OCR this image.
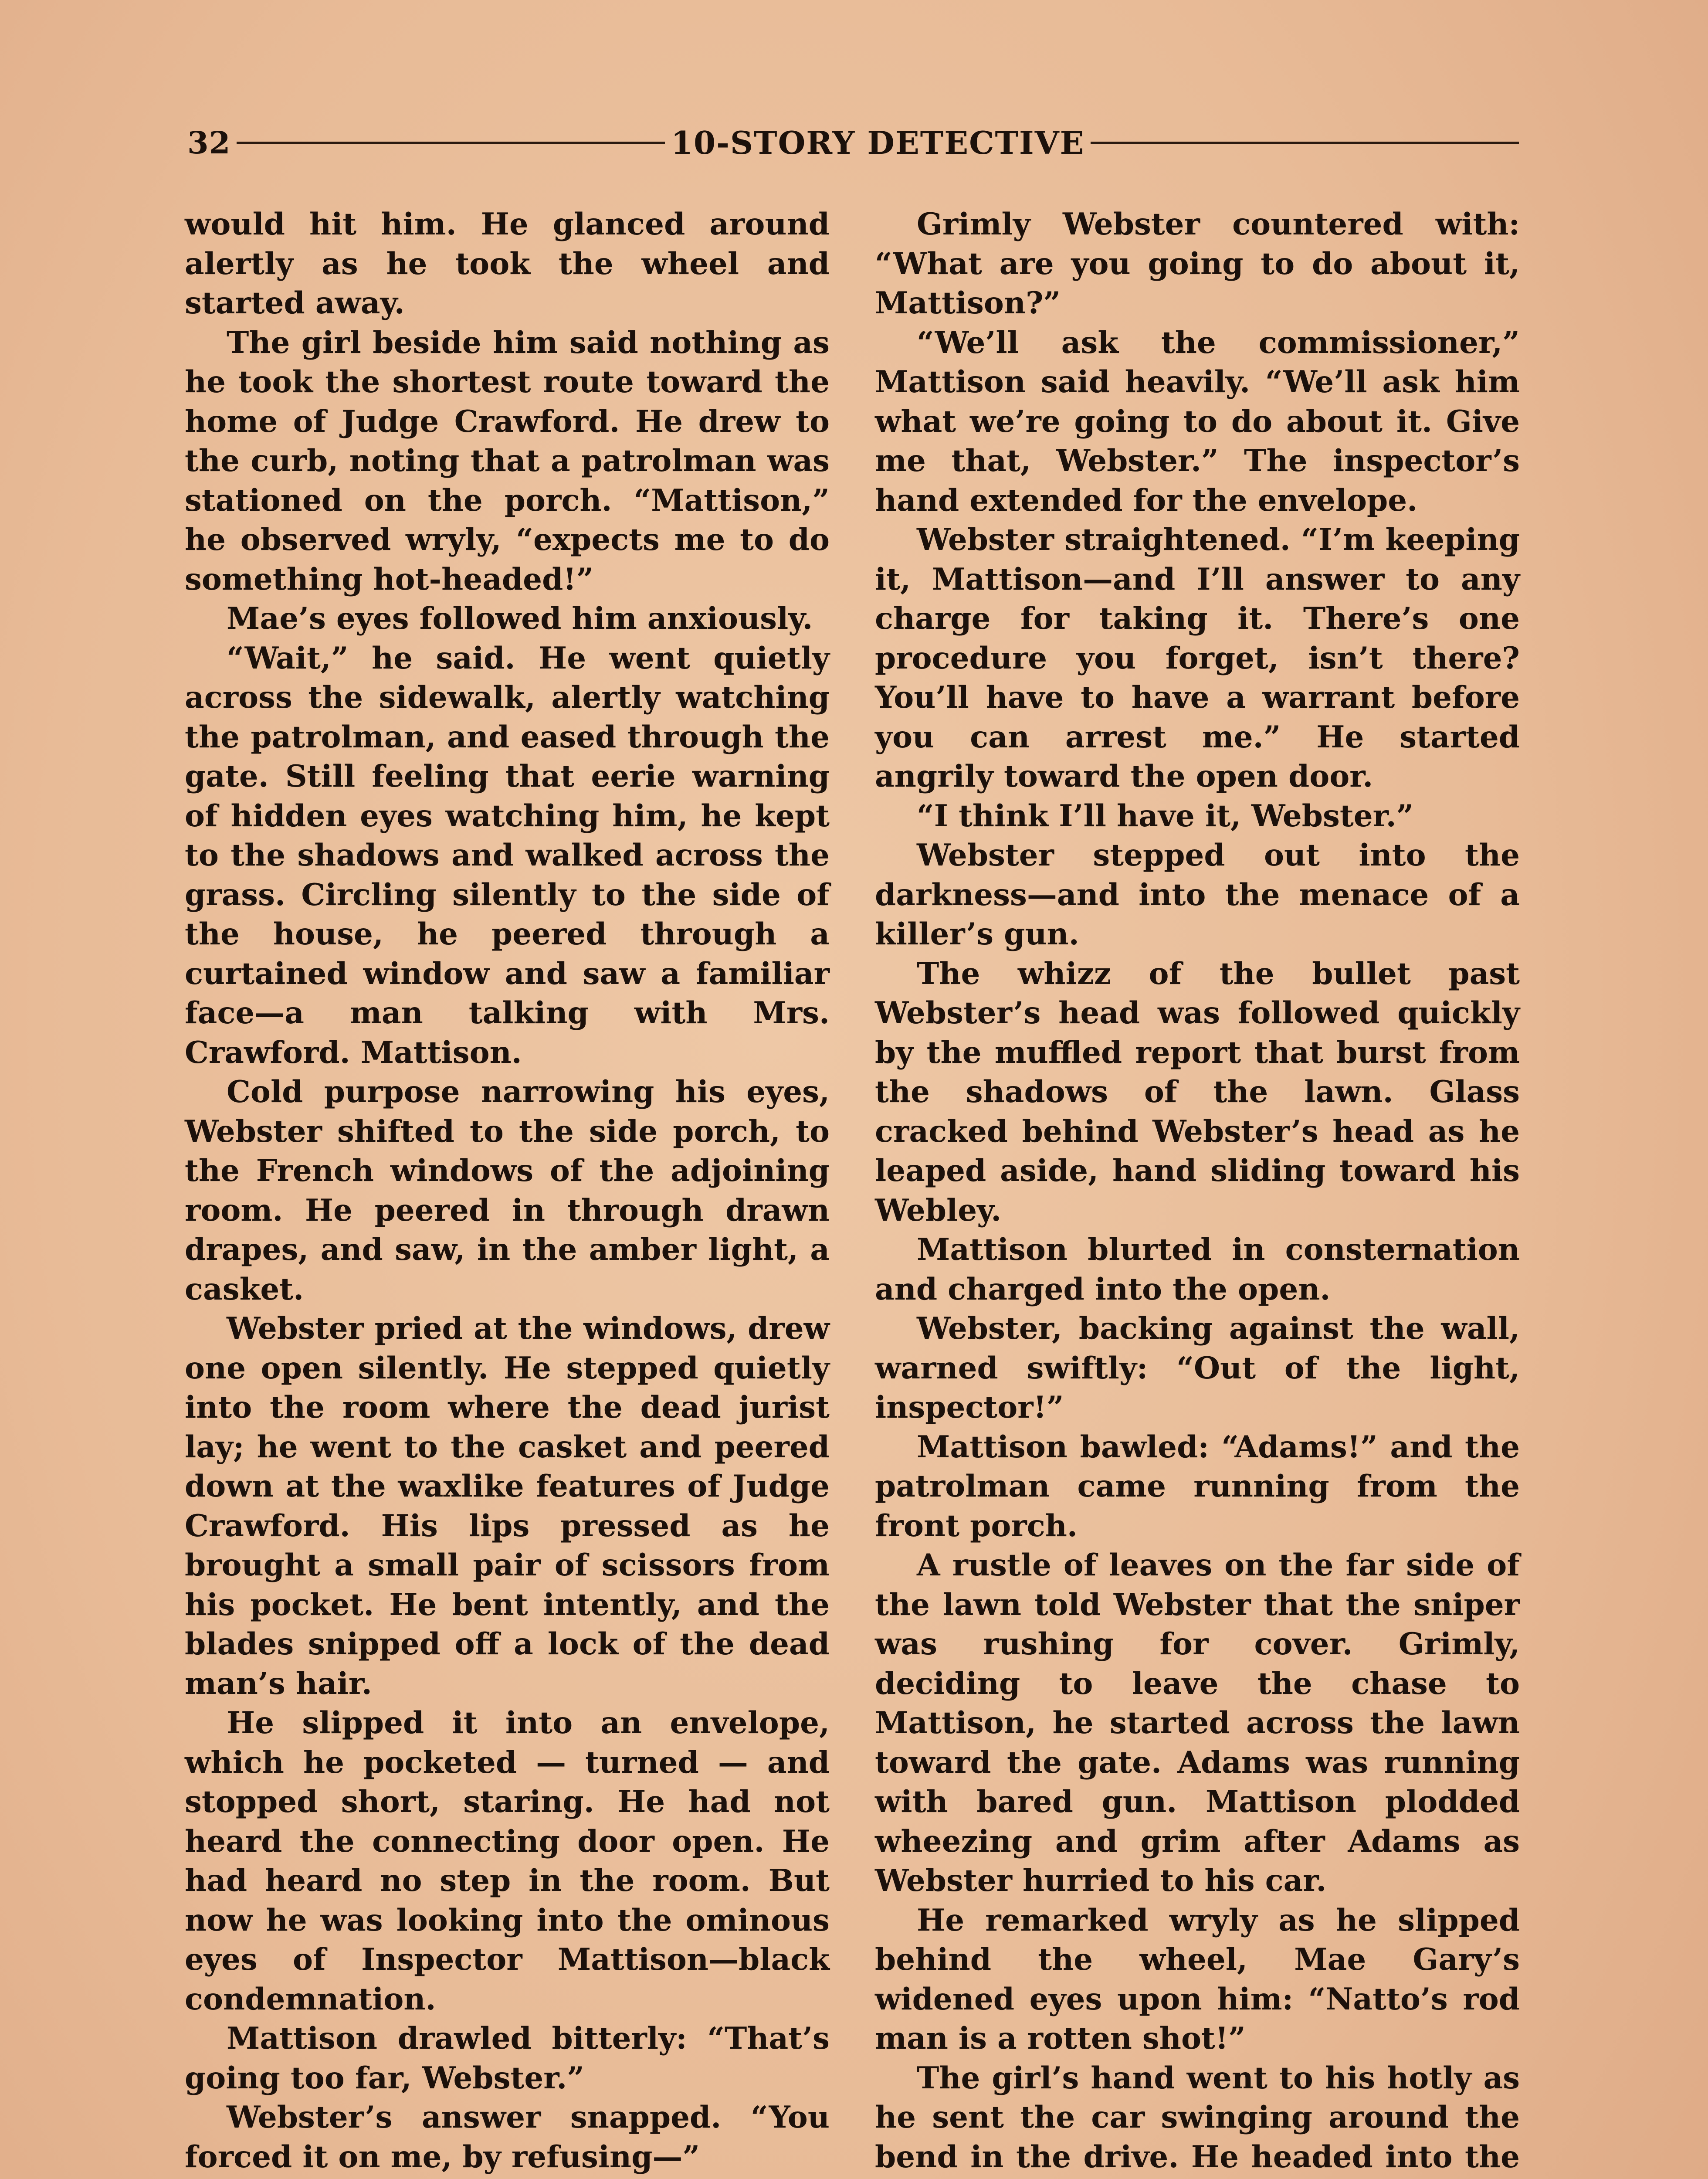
32	10-STORY DETECTIVE

would hit him. He glanced around alertly as he took the wheel and started away.

The girl beside him said nothing as he took the shortest route toward the home of Judge Crawford. He drew to the curb, noting that a patrolman was stationed on the porch. “Mattison,” he observed wryly, “expects me to do something hot-headed!”

Mae’s eyes followed him anxiously.

“Wait,” he said. He went quietly across the sidewalk, alertly watching the patrolman, and eased through the gate. Still feeling that eerie warning of hidden eyes watching him, he kept to the shadows and walked across the grass. Circling silently to the side of the house, he peered through a curtained window and saw a familiar face—a man talking with Mrs. Crawford. Mattison.

Cold purpose narrowing his eyes, Webster shifted to the side porch, to the French windows of the adjoining room. He peered in through drawn drapes, and saw, in the amber light, a casket.

Webster pried at the windows, drew one open silently. He stepped quietly into the room where the dead jurist lay; he went to the casket and peered down at the waxlike features of Judge Crawford. His lips pressed as he brought a small pair of scissors from his pocket. He bent intently, and the blades snipped off a lock of the dead man’s hair.

He slipped it into an envelope, which he pocketed — turned — and stopped short, staring. He had not heard the connecting door open. He had heard no step in the room. But now he was looking into the ominous eyes of Inspector Mattison—black condemnation.

Mattison drawled bitterly: “That’s going too far, Webster.”

Webster’s answer snapped. “You forced it on me, by refusing—”

Grimly Webster countered with: “What are you going to do about it, Mattison?”

“We’ll ask the commissioner,” Mattison said heavily. “We’ll ask him what we’re going to do about it. Give me that, Webster.” The inspector’s hand extended for the envelope.

Webster straightened. “I’m keeping it, Mattison—and I’ll answer to any charge for taking it. There’s one procedure you forget, isn’t there? You’ll have to have a warrant before you can arrest me.” He started angrily toward the open door.

“I think I’ll have it, Webster.”

Webster stepped out into the darkness—and into the menace of a killer’s gun.

The whizz of the bullet past Webster’s head was followed quickly by the muffled report that burst from the shadows of the lawn. Glass cracked behind Webster’s head as he leaped aside, hand sliding toward his Webley.

Mattison blurted in consternation and charged into the open.

Webster, backing against the wall, warned swiftly: “Out of the light, inspector!”

Mattison bawled: “Adams!” and the patrolman came running from the front porch.

A rustle of leaves on the far side of the lawn told Webster that the sniper was rushing for cover. Grimly, deciding to leave the chase to Mattison, he started across the lawn toward the gate. Adams was running with bared gun. Mattison plodded wheezing and grim after Adams as Webster hurried to his car.

He remarked wryly as he slipped behind the wheel, Mae Gary’s widened eyes upon him: “Natto’s rod man is a rotten shot!”

The girl’s hand went to his hotly as he sent the car swinging around the bend in the drive. He headed into the
